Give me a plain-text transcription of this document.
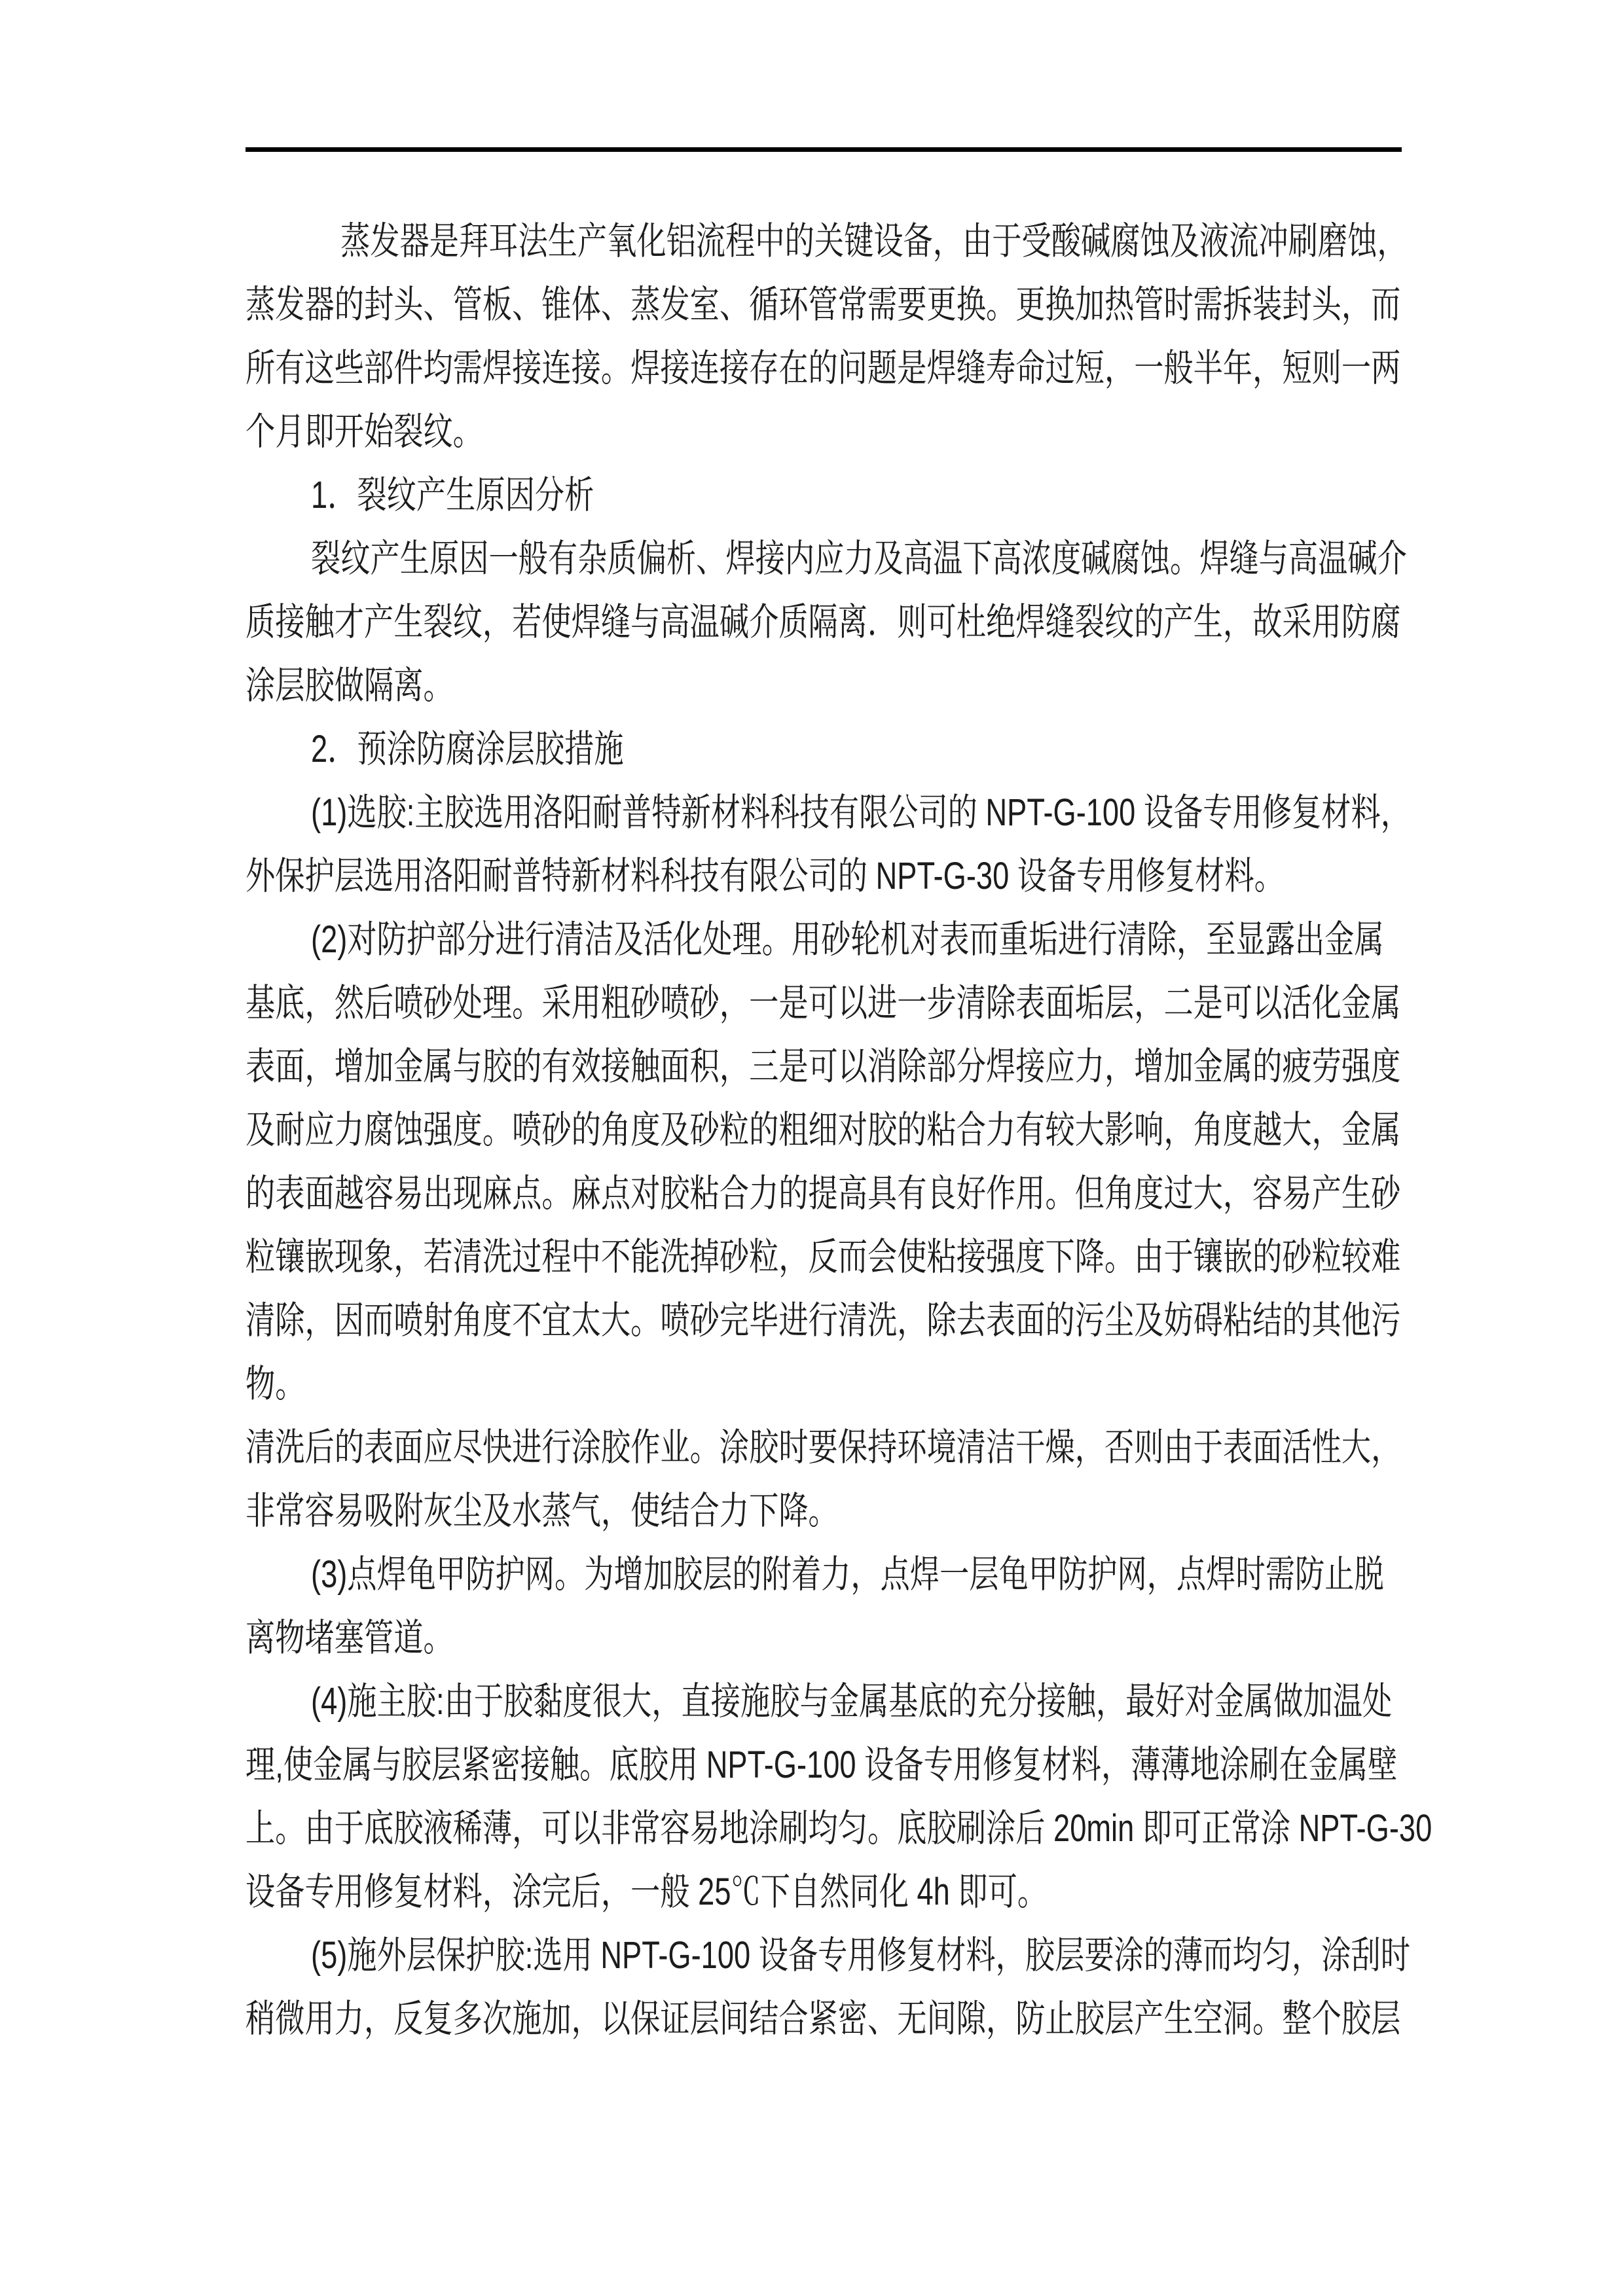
蒸发器是拜耳法生产氧化铝流程中的关键设备，由于受酸碱腐蚀及液流冲刷磨蚀，
蒸发器的封头、管板、锥体、蒸发室、循环管常需要更换。更换加热管时需拆装封头，而
所有这些部件均需焊接连接。焊接连接存在的问题是焊缝寿命过短，一般半年，短则一两
个月即开始裂纹。
1．裂纹产生原因分析
裂纹产生原因一般有杂质偏析、焊接内应力及高温下高浓度碱腐蚀。焊缝与高温碱介
质接触才产生裂纹，若使焊缝与高温碱介质隔离．则可杜绝焊缝裂纹的产生，故采用防腐
涂层胶做隔离。
2．预涂防腐涂层胶措施
(1)选胶:主胶选用洛阳耐普特新材料科技有限公司的 NPT-G-100 设备专用修复材料，
外保护层选用洛阳耐普特新材料科技有限公司的 NPT-G-30 设备专用修复材料。
(2)对防护部分进行清洁及活化处理。用砂轮机对表而重垢进行清除，至显露出金属
基底，然后喷砂处理。采用粗砂喷砂，一是可以进一步清除表面垢层，二是可以活化金属
表面，增加金属与胶的有效接触面积，三是可以消除部分焊接应力，增加金属的疲劳强度
及耐应力腐蚀强度。喷砂的角度及砂粒的粗细对胶的粘合力有较大影响，角度越大，金属
的表面越容易出现麻点。麻点对胶粘合力的提高具有良好作用。但角度过大，容易产生砂
粒镶嵌现象，若清洗过程中不能洗掉砂粒，反而会使粘接强度下降。由于镶嵌的砂粒较难
清除，因而喷射角度不宜太大。喷砂完毕进行清洗，除去表面的污尘及妨碍粘结的其他污
物。
清洗后的表面应尽快进行涂胶作业。涂胶时要保持环境清洁干燥，否则由于表面活性大，
非常容易吸附灰尘及水蒸气，使结合力下降。
(3)点焊龟甲防护网。为增加胶层的附着力，点焊一层龟甲防护网，点焊时需防止脱
离物堵塞管道。
(4)施主胶:由于胶黏度很大，直接施胶与金属基底的充分接触，最好对金属做加温处
理,使金属与胶层紧密接触。底胶用 NPT-G-100 设备专用修复材料，薄薄地涂刷在金属壁
上。由于底胶液稀薄，可以非常容易地涂刷均匀。底胶刷涂后 20min 即可正常涂 NPT-G-30
设备专用修复材料，涂完后，一般 25℃下自然同化 4h 即可。
(5)施外层保护胶:选用 NPT-G-100 设备专用修复材料，胶层要涂的薄而均匀，涂刮时
稍微用力，反复多次施加，以保证层间结合紧密、无间隙，防止胶层产生空洞。整个胶层
